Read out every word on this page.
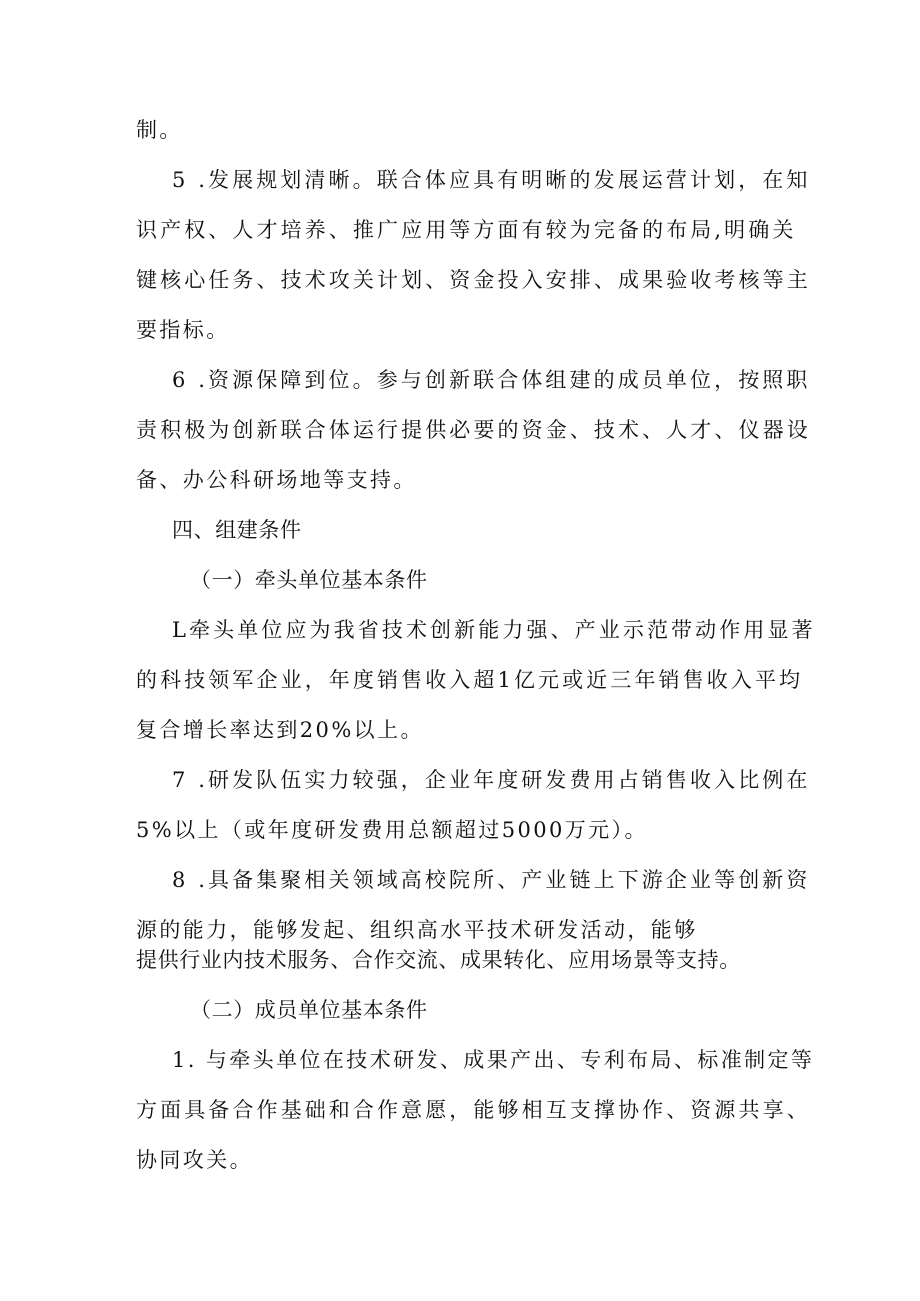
制。
5 .发展规划清晰。联合体应具有明晰的发展运营计划，在知
识产权、人才培养、推广应用等方面有较为完备的布局,明确关
键核心任务、技术攻关计划、资金投入安排、成果验收考核等主
要指标。
6 .资源保障到位。参与创新联合体组建的成员单位，按照职
责积极为创新联合体运行提供必要的资金、技术、人才、仪器设
备、办公科研场地等支持。
四、组建条件
（一）牵头单位基本条件
L牵头单位应为我省技术创新能力强、产业示范带动作用显著
的科技领军企业，年度销售收入超1亿元或近三年销售收入平均
复合增长率达到20%以上。
7 .研发队伍实力较强，企业年度研发费用占销售收入比例在
5%以上（或年度研发费用总额超过5000万元）。
8 .具备集聚相关领域高校院所、产业链上下游企业等创新资
源的能力，能够发起、组织高水平技术研发活动，能够
提供行业内技术服务、合作交流、成果转化、应用场景等支持。
（二）成员单位基本条件
1. 与牵头单位在技术研发、成果产出、专利布局、标准制定等
方面具备合作基础和合作意愿，能够相互支撑协作、资源共享、
协同攻关。
